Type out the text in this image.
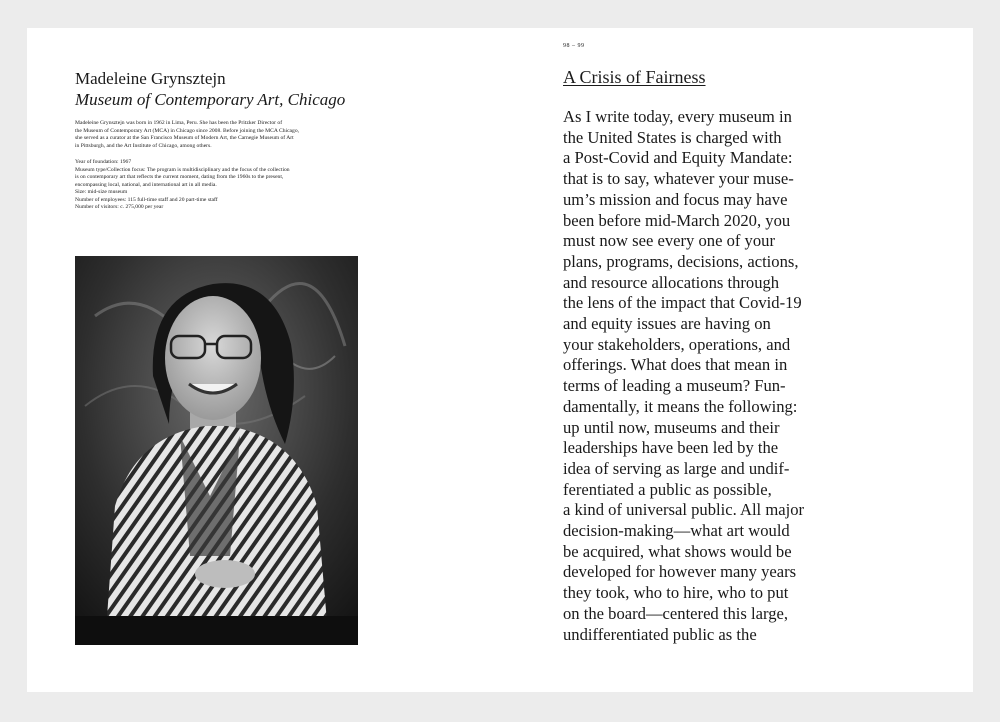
Madeleine Grynsztejn
Museum of Contemporary Art, Chicago
Madeleine Grynsztejn was born in 1962 in Lima, Peru. She has been the Pritzker Director of
the Museum of Contemporary Art (MCA) in Chicago since 2008. Before joining the MCA Chicago,
she served as a curator at the San Francisco Museum of Modern Art, the Carnegie Museum of Art
in Pittsburgh, and the Art Institute of Chicago, among others.
Year of foundation: 1967
Museum type/Collection focus: The program is multidisciplinary and the focus of the collection
is on contemporary art that reflects the current moment, dating from the 1960s to the present,
encompassing local, national, and international art in all media.
Size: mid-size museum
Number of employees: 115 full-time staff and 20 part-time staff
Number of visitors: c. 275,000 per year
98 – 99
A Crisis of Fairness
As I write today, every museum in
the United States is charged with
a Post-Covid and Equity Mandate:
that is to say, whatever your muse-
um’s mission and focus may have
been before mid-March 2020, you
must now see every one of your
plans, programs, decisions, actions,
and resource allocations through
the lens of the impact that Covid-19
and equity issues are having on
your stakeholders, operations, and
offerings. What does that mean in
terms of leading a museum? Fun-
damentally, it means the following:
up until now, museums and their
leaderships have been led by the
idea of serving as large and undif-
ferentiated a public as possible,
a kind of universal public. All major
decision-making—what art would
be acquired, what shows would be
developed for however many years
they took, who to hire, who to put
on the board—centered this large,
undifferentiated public as the
